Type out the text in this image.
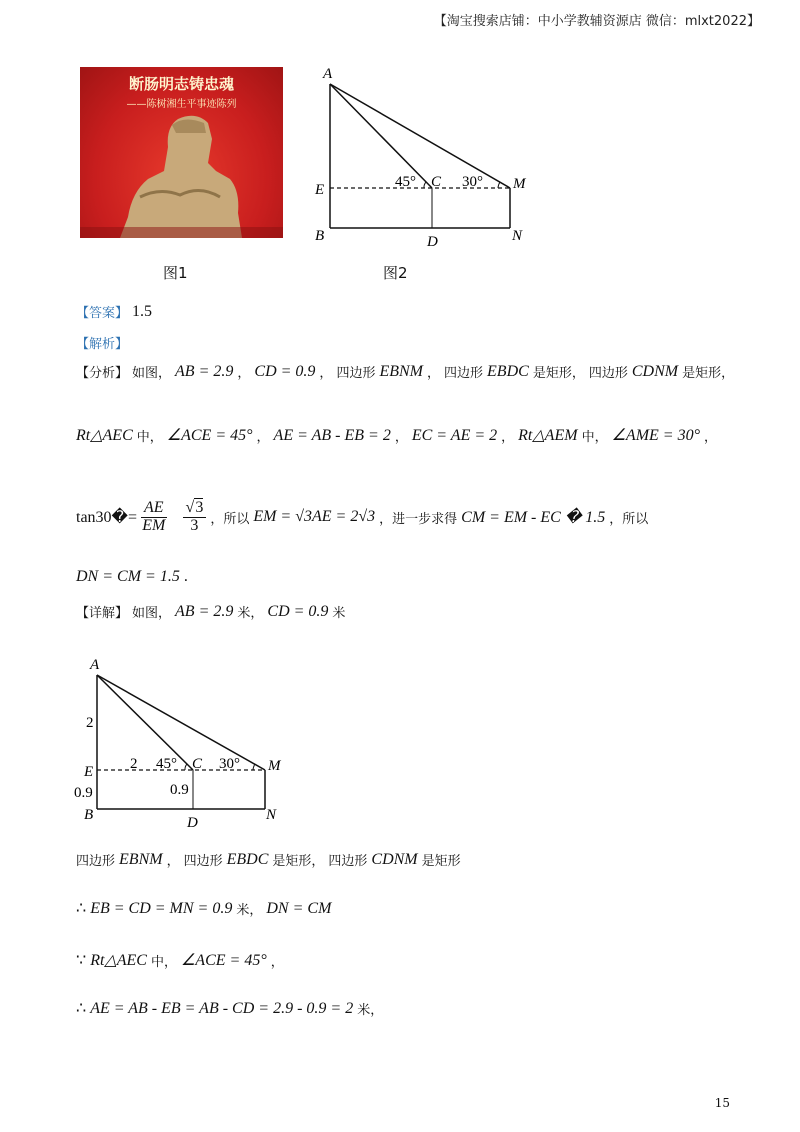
【淘宝搜索店铺：中小学教辅资源店 微信：mlxt2022】
断肠明志铸忠魂
——陈树湘生平事迹陈列
图1
A
E
B	D	N
M
C
45°	30°
图2
【答案】 1.5
【解析】
【分析】 如图， AB = 2.9 ， CD = 0.9 ， 四边形 EBNM ， 四边形 EBDC 是矩形， 四边形 CDNM 是矩形，
Rt△AEC 中， ∠ACE = 45° ， AE = AB - EB = 2 ， EC = AE = 2 ， Rt△AEM 中， ∠AME = 30° ，
tan30�= $\frac{AE}{EM} \frac{√3}{3}$ ，所以 EM = √3AE = 2√3 ，进一步求得 CM = EM - EC � 1.5 ，所以
DN = CM = 1.5 .
【详解】 如图， AB = 2.9 米， CD = 0.9 米
A
E
B	D	N
M
C
2
2
0.9	0.9
45°	30°
四边形 EBNM ， 四边形 EBDC 是矩形， 四边形 CDNM 是矩形
∴ EB = CD = MN = 0.9 米， DN = CM
∵ Rt△AEC 中， ∠ACE = 45° ，
∴ AE = AB - EB = AB - CD = 2.9 - 0.9 = 2 米，
15
